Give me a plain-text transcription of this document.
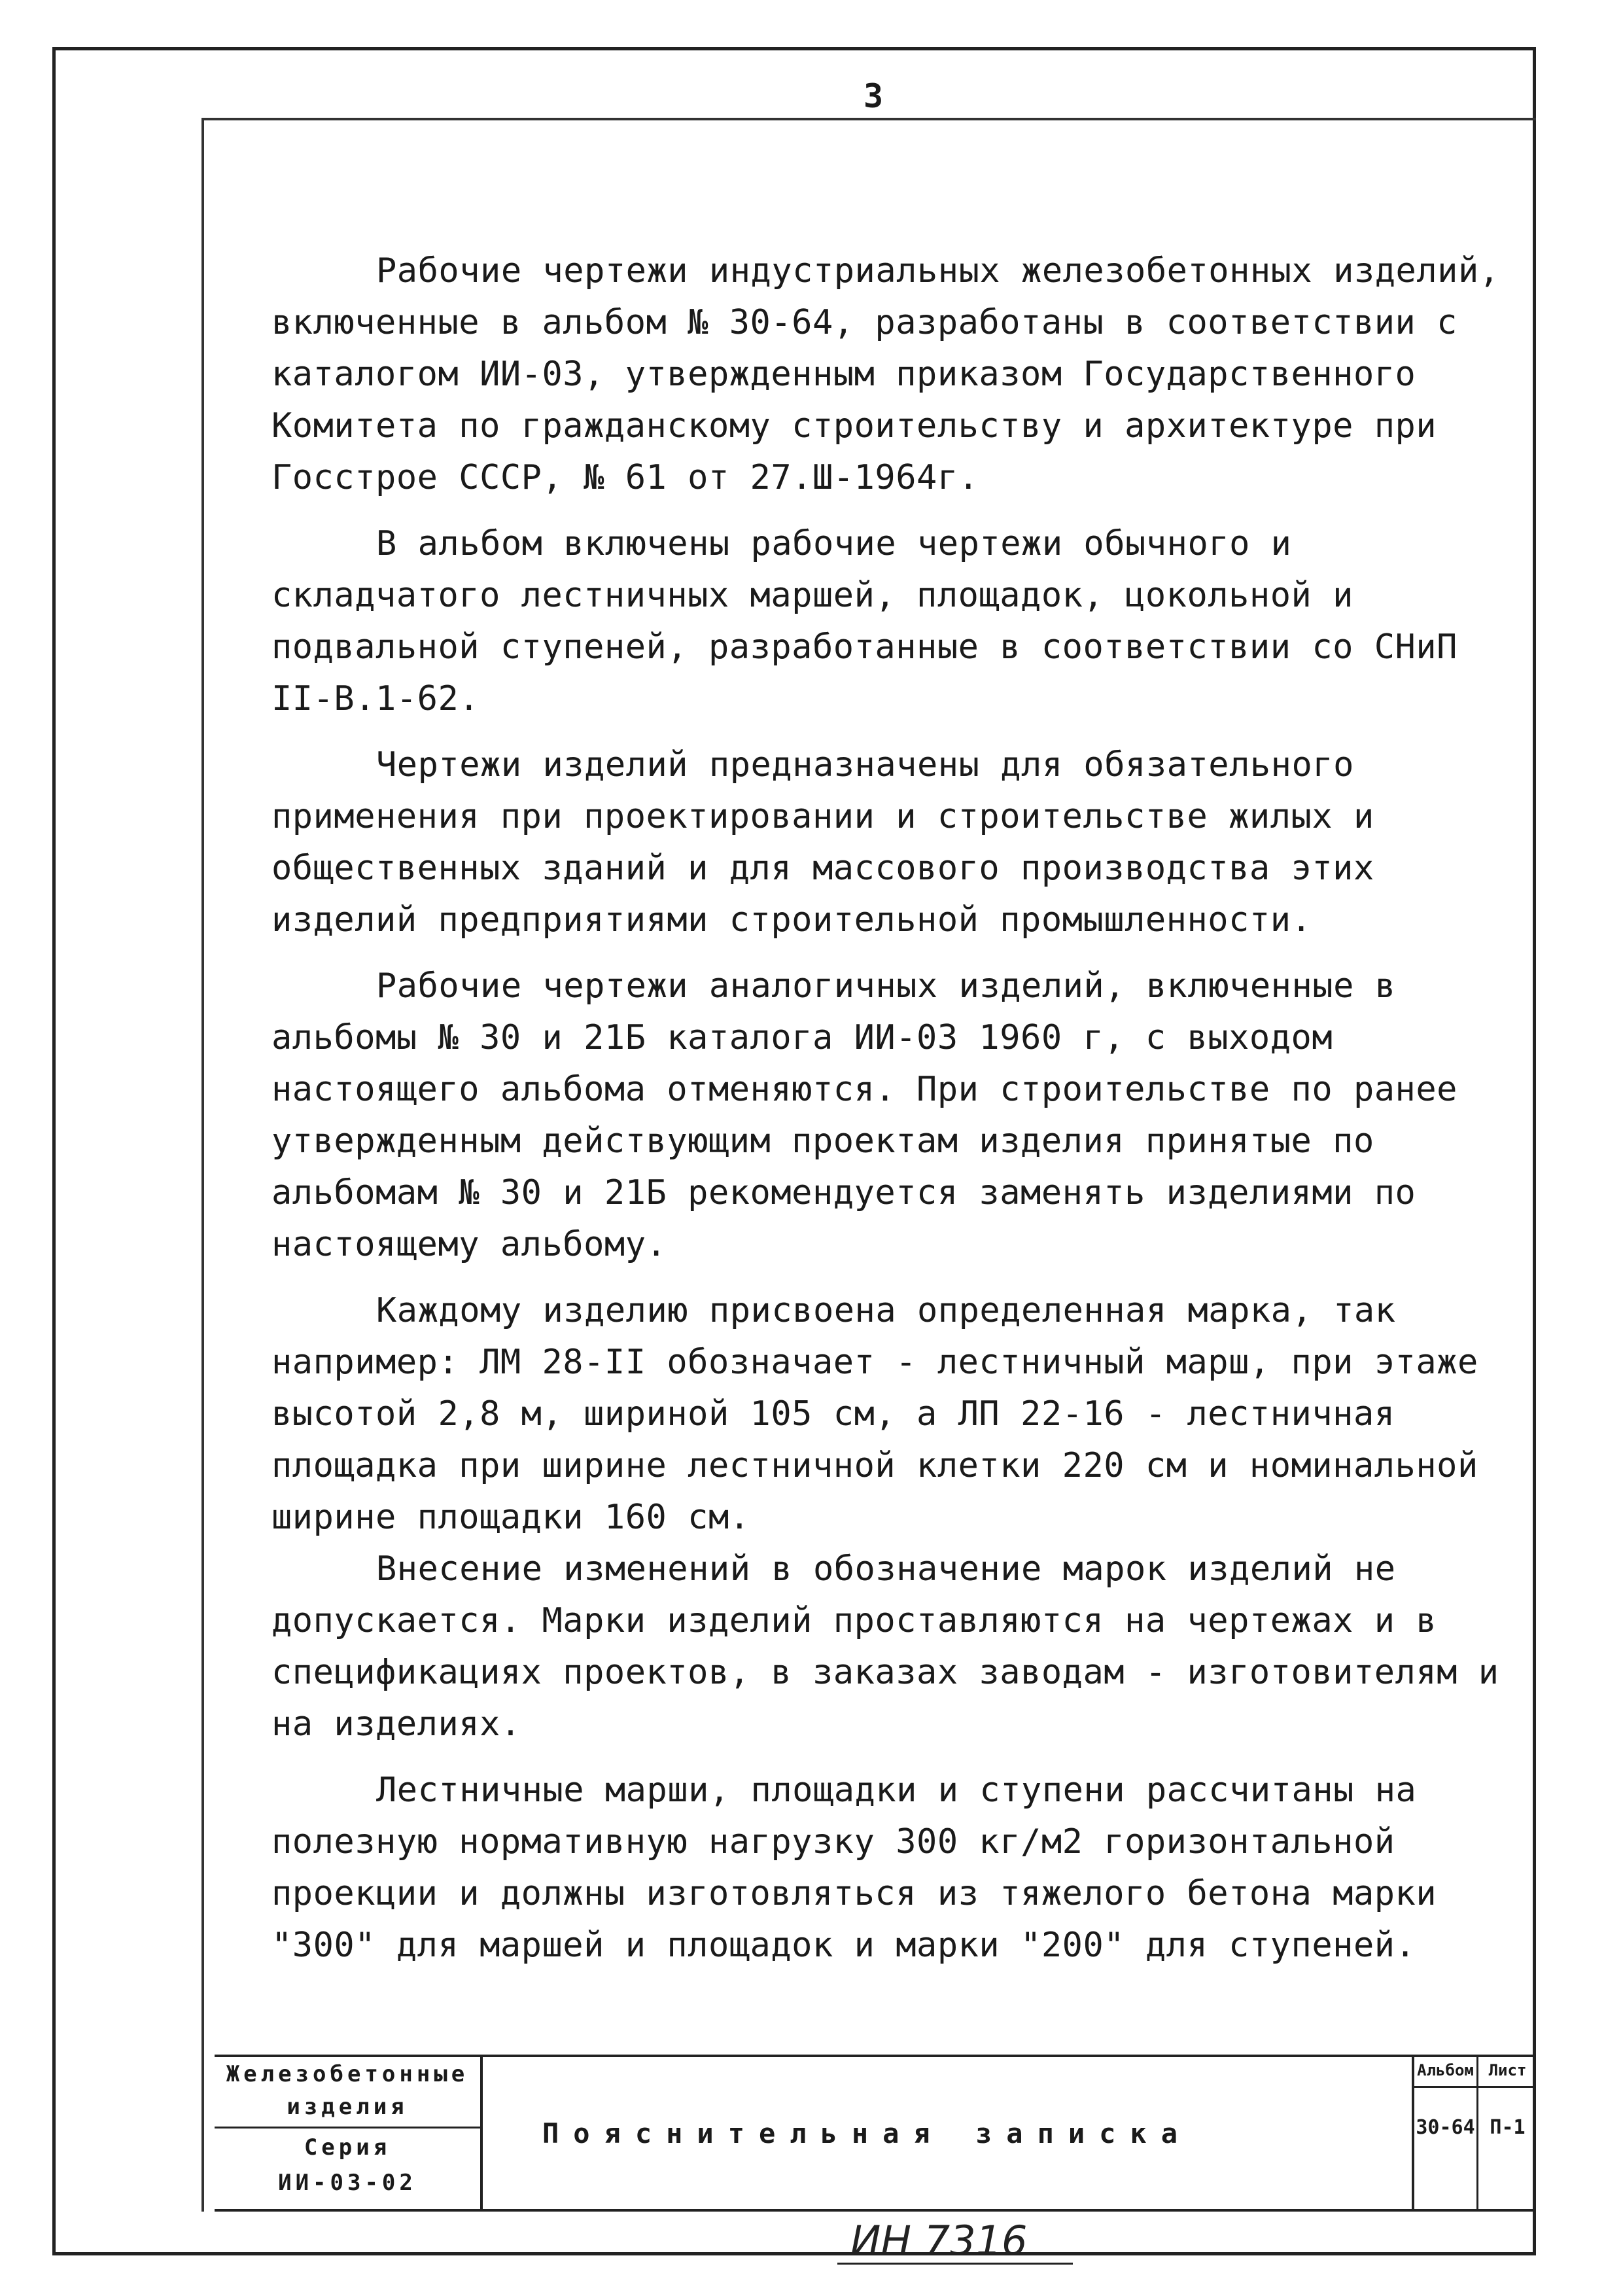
3

Рабочие чертежи индустриальных железобетонных изделий, включенные в альбом № 30-64, разработаны в соответствии с каталогом ИИ-03, утвержденным приказом Государственного Комитета по гражданскому строительству и архитектуре при Госстрое СССР, № 61 от 27.Ш-1964г.

В альбом включены рабочие чертежи обычного и складчатого лестничных маршей, площадок, цокольной и подвальной ступеней, разработанные в соответствии со СНиП II-В.1-62.

Чертежи изделий предназначены для обязательного применения при проектировании и строительстве жилых и общественных зданий и для массового производства этих изделий предприятиями строительной промышленности.

Рабочие чертежи аналогичных изделий, включенные в альбомы № 30 и 21Б каталога ИИ-03 1960 г, с выходом настоящего альбома отменяются. При строительстве по ранее утвержденным действующим проектам изделия принятые по альбомам № 30 и 21Б рекомендуется заменять изделиями по настоящему альбому.

Каждому изделию присвоена определенная марка, так например: ЛМ 28-II обозначает - лестничный марш, при этаже высотой 2,8 м, шириной 105 см, а ЛП 22-16 - лестничная площадка при ширине лестничной клетки 220 см и номинальной ширине площадки 160 см.

Внесение изменений в обозначение марок изделий не допускается. Марки изделий проставляются на чертежах и в спецификациях проектов, в заказах заводам - изготовителям и на изделиях.

Лестничные марши, площадки и ступени рассчитаны на полезную нормативную нагрузку 300 кг/м2 горизонтальной проекции и должны изготовляться из тяжелого бетона марки "300" для маршей и площадок и марки "200" для ступеней.

Железобетонные
изделия
Серия
ИИ-03-02
Пояснительная записка
Альбом Лист
30-64 П-1
ИН 7316
